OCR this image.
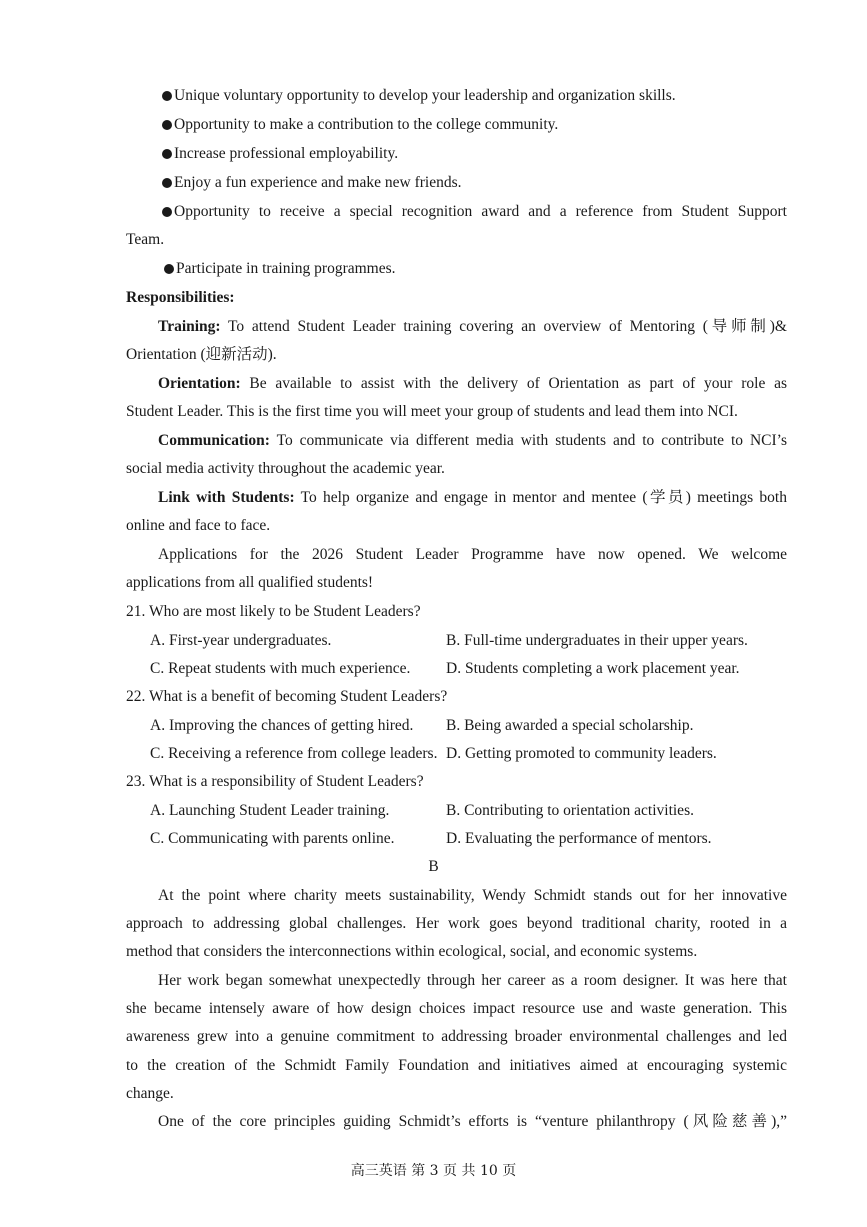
Unique voluntary opportunity to develop your leadership and organization skills.
Opportunity to make a contribution to the college community.
Increase professional employability.
Enjoy a fun experience and make new friends.
Opportunity to receive a special recognition award and a reference from Student Support
Team.
Participate in training programmes.
Responsibilities:
Training: To attend Student Leader training covering an overview of Mentoring (导师制)&
Orientation (迎新活动).
Orientation: Be available to assist with the delivery of Orientation as part of your role as
Student Leader. This is the first time you will meet your group of students and lead them into NCI.
Communication: To communicate via different media with students and to contribute to NCI’s
social media activity throughout the academic year.
Link with Students: To help organize and engage in mentor and mentee (学员) meetings both
online and face to face.
Applications for the 2026 Student Leader Programme have now opened. We welcome
applications from all qualified students!
21. Who are most likely to be Student Leaders?
A. First-year undergraduates.	B. Full-time undergraduates in their upper years.
C. Repeat students with much experience. D. Students completing a work placement year.
22. What is a benefit of becoming Student Leaders?
A. Improving the chances of getting hired. B. Being awarded a special scholarship.
C. Receiving a reference from college leaders. D. Getting promoted to community leaders.
23. What is a responsibility of Student Leaders?
A. Launching Student Leader training.	B. Contributing to orientation activities.
C. Communicating with parents online.	D. Evaluating the performance of mentors.
B
At the point where charity meets sustainability, Wendy Schmidt stands out for her innovative
approach to addressing global challenges. Her work goes beyond traditional charity, rooted in a
method that considers the interconnections within ecological, social, and economic systems.
Her work began somewhat unexpectedly through her career as a room designer. It was here that
she became intensely aware of how design choices impact resource use and waste generation. This
awareness grew into a genuine commitment to addressing broader environmental challenges and led
to the creation of the Schmidt Family Foundation and initiatives aimed at encouraging systemic
change.
One of the core principles guiding Schmidt’s efforts is “venture philanthropy (风险慈善),”
高三英语 第 3 页 共 10 页
